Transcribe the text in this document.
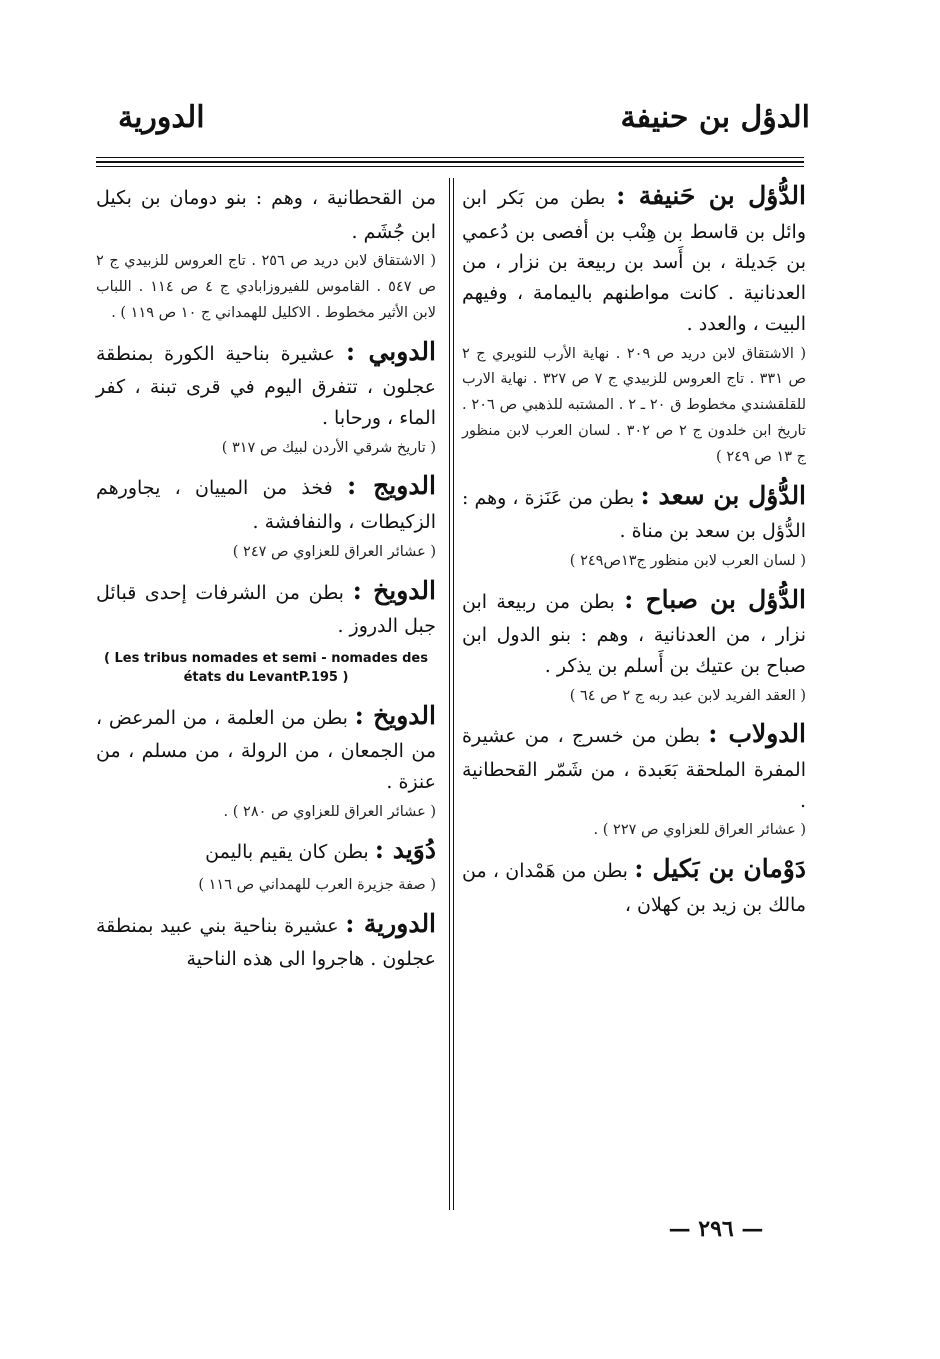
الدؤل بن حنيفة
الدورية

الدُّؤل بن حَنيفة : بطن من بَكر ابن وائل بن قاسط بن هِنْب بن أفصى بن دُعمي بن جَديلة ، بن أَسد بن ربيعة بن نزار ، من العدنانية . كانت مواطنهم باليمامة ، وفيهم البيت ، والعدد .

( الاشتقاق لابن دريد ص ٢٠٩ . نهاية الأرب للنويري ج ٢ ص ٣٣١ . تاج العروس للزبيدي ج ٧ ص ٣٢٧ . نهاية الارب للقلقشندي مخطوط ق ٢٠ ـ ٢ . المشتبه للذهبي ص ٢٠٦ . تاريخ ابن خلدون ج ٢ ص ٣٠٢ . لسان العرب لابن منظور ج ١٣ ص ٢٤٩ )

الدُّؤل بن سعد : بطن من عَنَزة ، وهم : الدُّؤل بن سعد بن مناة .

( لسان العرب لابن منظور ج١٣ص٢٤٩ )

الدُّؤل بن صباح : بطن من ربيعة ابن نزار ، من العدنانية ، وهم : بنو الدول ابن صباح بن عتيك بن أَسلم بن يذكر .

( العقد الفريد لابن عبد ربه ج ٢ ص ٦٤ )

الدولاب : بطن من خسرج ، من عشيرة المفرة الملحقة بَعَبدة ، من شَمّر القحطانية .

( عشائر العراق للعزاوي ص ٢٢٧ ) .

دَوْمان بن بَكيل : بطن من هَمْدان ، من مالك بن زيد بن كهلان ،

من القحطانية ، وهم : بنو دومان بن بكيل ابن جُشَم .

( الاشتقاق لابن دريد ص ٢٥٦ . تاج العروس للزبيدي ج ٢ ص ٥٤٧ . القاموس للفيروزابادي ج ٤ ص ١١٤ . اللباب لابن الأثير مخطوط . الاكليل للهمداني ج ١٠ ص ١١٩ ) .

الدوبي : عشيرة بناحية الكورة بمنطقة عجلون ، تتفرق اليوم في قرى تبنة ، كفر الماء ، ورحابا .

( تاريخ شرقي الأردن لبيك ص ٣١٧ )

الدويج : فخذ من المييان ، يجاورهم الزكيطات ، والنفافشة .

( عشائر العراق للعزاوي ص ٢٤٧ )

الدويخ : بطن من الشرفات إحدى قبائل جبل الدروز .

( Les tribus nomades et semi - nomades des états du LevantP.195 )

الدويخ : بطن من العلمة ، من المرعض ، من الجمعان ، من الرولة ، من مسلم ، من عنزة .

( عشائر العراق للعزاوي ص ٢٨٠ ) .

دُوَيد : بطن كان يقيم باليمن

( صفة جزيرة العرب للهمداني ص ١١٦ )

الدورية : عشيرة بناحية بني عبيد بمنطقة عجلون . هاجروا الى هذه الناحية

— ٢٩٦ —
